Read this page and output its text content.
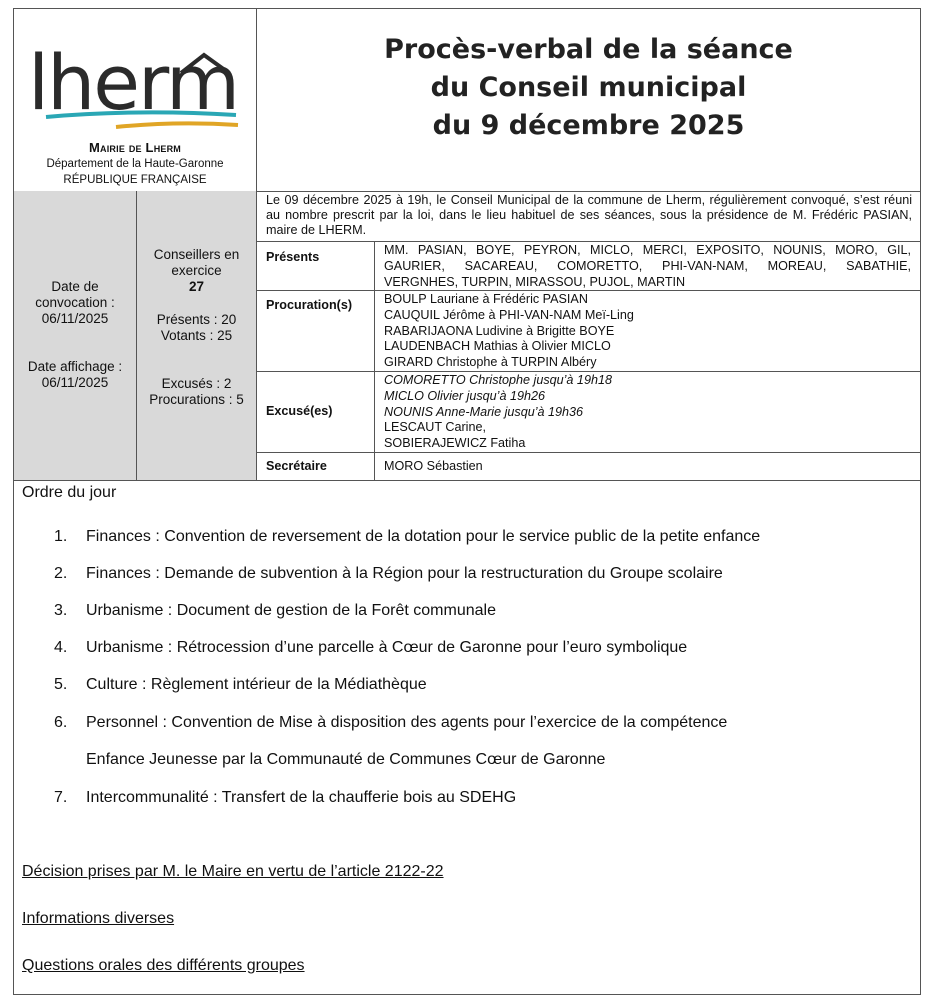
lherm
Mairie de Lherm
Département de la Haute-Garonne
RÉPUBLIQUE FRANÇAISE
Procès-verbal de la séance
du Conseil municipal
du 9 décembre 2025
Date de
convocation :
06/11/2025
Date affichage :
06/11/2025
Conseillers en
exercice
27
Présents : 20
Votants : 25
Excusés : 2
Procurations : 5
Le 09 décembre 2025 à 19h, le Conseil Municipal de la commune de Lherm, régulièrement convoqué, s’est réuni au nombre prescrit par la loi, dans le lieu habituel de ses séances, sous la présidence de M. Frédéric PASIAN, maire de LHERM.
Présents	MM. PASIAN, BOYE, PEYRON, MICLO, MERCI, EXPOSITO, NOUNIS, MORO, GIL,
GAURIER, SACAREAU, COMORETTO, PHI-VAN-NAM, MOREAU, SABATHIE,
VERGNHES, TURPIN, MIRASSOU, PUJOL, MARTIN
Procuration(s)	BOULP Lauriane à Frédéric PASIAN
CAUQUIL Jérôme à PHI-VAN-NAM Meï-Ling
RABARIJAONA Ludivine à Brigitte BOYE
LAUDENBACH Mathias à Olivier MICLO
GIRARD Christophe à TURPIN Albéry
Excusé(es)
COMORETTO Christophe jusqu’à 19h18
MICLO Olivier jusqu’à 19h26
NOUNIS Anne-Marie jusqu’à 19h36
LESCAUT Carine,
SOBIERAJEWICZ Fatiha
Secrétaire	MORO Sébastien
Ordre du jour
1. Finances : Convention de reversement de la dotation pour le service public de la petite enfance
2. Finances : Demande de subvention à la Région pour la restructuration du Groupe scolaire
3. Urbanisme : Document de gestion de la Forêt communale
4. Urbanisme : Rétrocession d’une parcelle à Cœur de Garonne pour l’euro symbolique
5. Culture : Règlement intérieur de la Médiathèque
6. Personnel : Convention de Mise à disposition des agents pour l’exercice de la compétence
Enfance Jeunesse par la Communauté de Communes Cœur de Garonne
7. Intercommunalité : Transfert de la chaufferie bois au SDEHG
Décision prises par M. le Maire en vertu de l’article 2122-22
Informations diverses
Questions orales des différents groupes
